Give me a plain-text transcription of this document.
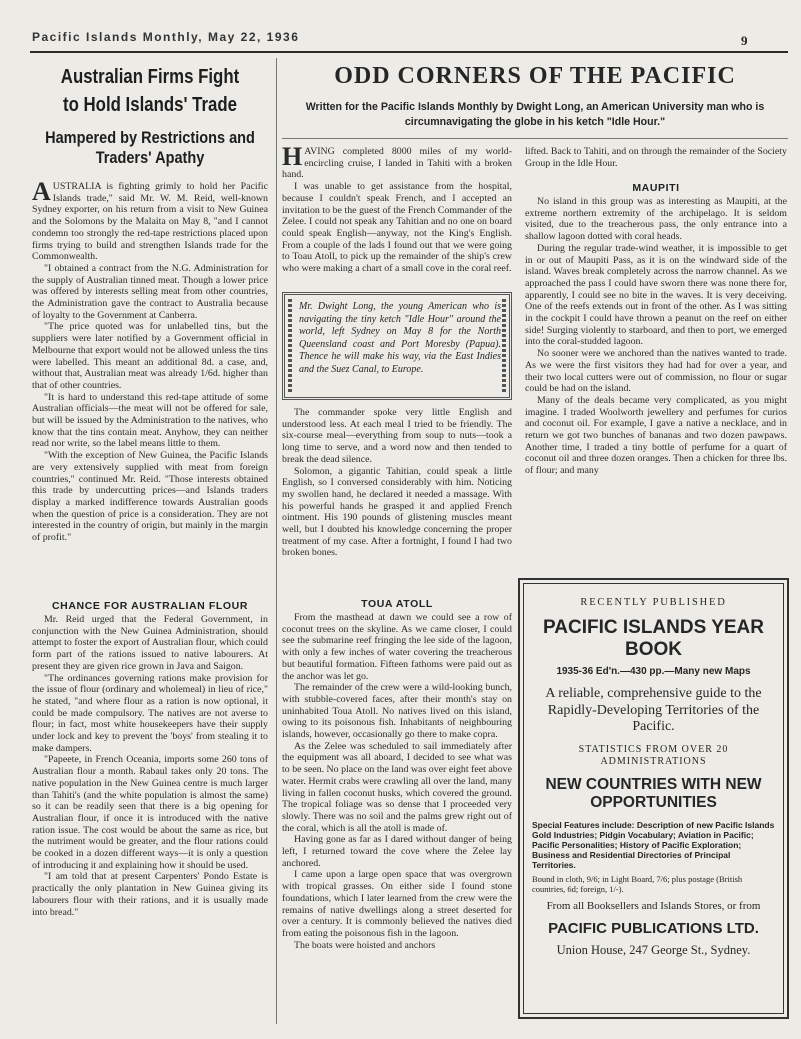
Pacific Islands Monthly, May 22, 1936	9
Australian Firms Fight to Hold Islands' Trade
Hampered by Restrictions and Traders' Apathy

AUSTRALIA is fighting grimly to hold her Pacific Islands trade," said Mr. W. M. Reid, well-known Sydney exporter, on his return from a visit to New Guinea and the Solomons by the Malaita on May 8, "and I cannot condemn too strongly the red-tape restrictions placed upon firms trying to build and strengthen Islands trade for the Commonwealth.

"I obtained a contract from the N.G. Administration for the supply of Australian tinned meat. Though a lower price was offered by interests selling meat from other countries, the Administration gave the contract to Australia because of loyalty to the Government at Canberra.

"The price quoted was for unlabelled tins, but the suppliers were later notified by a Government official in Melbourne that export would not be allowed unless the tins were labelled. This meant an additional 8d. a case, and, without that, Australian meat was already 1/6d. higher than that of other countries.

"It is hard to understand this red-tape attitude of some Australian officials—the meat will not be offered for sale, but will be issued by the Administration to the natives, who know that the tins contain meat. Anyhow, they can neither read nor write, so the label means little to them.

"With the exception of New Guinea, the Pacific Islands are very extensively supplied with meat from foreign countries," continued Mr. Reid. "Those interests obtained this trade by undercutting prices—and Islands traders display a marked indifference towards Australian goods when the question of price is a consideration. They are not interested in the country of origin, but mainly in the margin of profit."

CHANCE FOR AUSTRALIAN FLOUR

Mr. Reid urged that the Federal Government, in conjunction with the New Guinea Administration, should attempt to foster the export of Australian flour, which could form part of the rations issued to native labourers. At present they are given rice grown in Java and Saigon.

"The ordinances governing rations make provision for the issue of flour (ordinary and wholemeal) in lieu of rice," he stated, "and where flour as a ration is now optional, it could be made compulsory. The natives are not averse to flour; in fact, most white housekeepers have their supply under lock and key to prevent the 'boys' from stealing it to make dampers.

"Papeete, in French Oceania, imports some 260 tons of Australian flour a month. Rabaul takes only 20 tons. The native population in the New Guinea centre is much larger than Tahiti's (and the white population is almost the same) so it can be readily seen that there is a big opening for Australian flour, if once it is introduced with the native ration issue. The cost would be about the same as rice, but the nutriment would be greater, and the flour rations could be cooked in a dozen different ways—it is only a question of introducing it and explaining how it should be used.

"I am told that at present Carpenters' Pondo Estate is practically the only plantation in New Guinea giving its labourers flour with their rations, and it is usually made into bread."

ODD CORNERS OF THE PACIFIC
Written for the Pacific Islands Monthly by Dwight Long, an American University man who is circumnavigating the globe in his ketch "Idle Hour."

HAVING completed 8000 miles of my world-encircling cruise, I landed in Tahiti with a broken hand.

I was unable to get assistance from the hospital, because I couldn't speak French, and I accepted an invitation to be the guest of the French Commander of the Zelee. I could not speak any Tahitian and no one on board could speak English—anyway, not the King's English. From a couple of the lads I found out that we were going to Toau Atoll, to pick up the remainder of the ship's crew who were making a chart of a small cove in the coral reef.

Mr. Dwight Long, the young American who is navigating the tiny ketch "Idle Hour" around the world, left Sydney on May 8 for the North Queensland coast and Port Moresby (Papua). Thence he will make his way, via the East Indies and the Suez Canal, to Europe.

The commander spoke very little English and understood less. At each meal I tried to be friendly. The six-course meal—everything from soup to nuts—took a long time to serve, and a word now and then tended to break the dead silence.

Solomon, a gigantic Tahitian, could speak a little English, so I conversed considerably with him. Noticing my swollen hand, he declared it needed a massage. With his powerful hands he grasped it and applied French ointment. His 190 pounds of glistening muscles meant well, but I doubted his knowledge concerning the proper treatment of my case. After a fortnight, I found I had two broken bones.

TOUA ATOLL

From the masthead at dawn we could see a row of coconut trees on the skyline. As we came closer, I could see the submarine reef fringing the lee side of the lagoon, with only a few inches of water covering the treacherous but beautiful formation. Fifteen fathoms were paid out as the anchor was let go.

The remainder of the crew were a wild-looking bunch, with stubble-covered faces, after their month's stay on uninhabited Toua Atoll. No natives lived on this island, owing to its poisonous fish. Inhabitants of neighbouring islands, however, occasionally go there to make copra.

As the Zelee was scheduled to sail immediately after the equipment was all aboard, I decided to see what was to be seen. No place on the land was over eight feet above water. Hermit crabs were crawling all over the land, many living in fallen coconut husks, which covered the ground. The tropical foliage was so dense that I proceeded very slowly. There was no soil and the palms grew right out of the coral, which is all the atoll is made of.

Having gone as far as I dared without danger of being left, I returned toward the cove where the Zelee lay anchored.

I came upon a large open space that was overgrown with tropical grasses. On either side I found stone foundations, which I later learned from the crew were the remains of native dwellings along a street deserted for over a century. It is commonly believed the natives died from eating the poisonous fish in the lagoon.

The boats were hoisted and anchors

lifted. Back to Tahiti, and on through the remainder of the Society Group in the Idle Hour.

MAUPITI

No island in this group was as interesting as Maupiti, at the extreme northern extremity of the archipelago. It is seldom visited, due to the treacherous pass, the only entrance into a shallow lagoon dotted with coral heads.

During the regular trade-wind weather, it is impossible to get in or out of Maupiti Pass, as it is on the windward side of the island. Waves break completely across the narrow channel. As we approached the pass I could have sworn there was none there for, apparently, I could see no bite in the waves. It is very deceiving. One of the reefs extends out in front of the other. As I was sitting in the cockpit I could have thrown a peanut on the reef on either side! Surging violently to starboard, and then to port, we emerged into the coral-studded lagoon.

No sooner were we anchored than the natives wanted to trade. As we were the first visitors they had had for over a year, and their two local cutters were out of commission, no flour or sugar could be had on the island.

Many of the deals became very complicated, as you might imagine. I traded Woolworth jewellery and perfumes for curios and coconut oil. For example, I gave a native a necklace, and in return we got two bunches of bananas and two dozen pawpaws. Another time, I traded a tiny bottle of perfume for a quart of coconut oil and three dozen oranges. Then a chicken for three lbs. of flour; and many

RECENTLY PUBLISHED
PACIFIC ISLANDS YEAR BOOK
1935-36 Ed'n.—430 pp.—Many new Maps
A reliable, comprehensive guide to the Rapidly-Developing Territories of the Pacific.
STATISTICS FROM OVER 20 ADMINISTRATIONS
NEW COUNTRIES WITH NEW OPPORTUNITIES
Special Features include: Description of new Pacific Islands Gold Industries; Pidgin Vocabulary; Aviation in Pacific; Pacific Personalities; History of Pacific Exploration; Business and Residential Directories of Principal Territories.
Bound in cloth, 9/6; in Light Board, 7/6; plus postage (British countries, 6d; foreign, 1/-).
From all Booksellers and Islands Stores, or from
PACIFIC PUBLICATIONS LTD.
Union House, 247 George St., Sydney.
